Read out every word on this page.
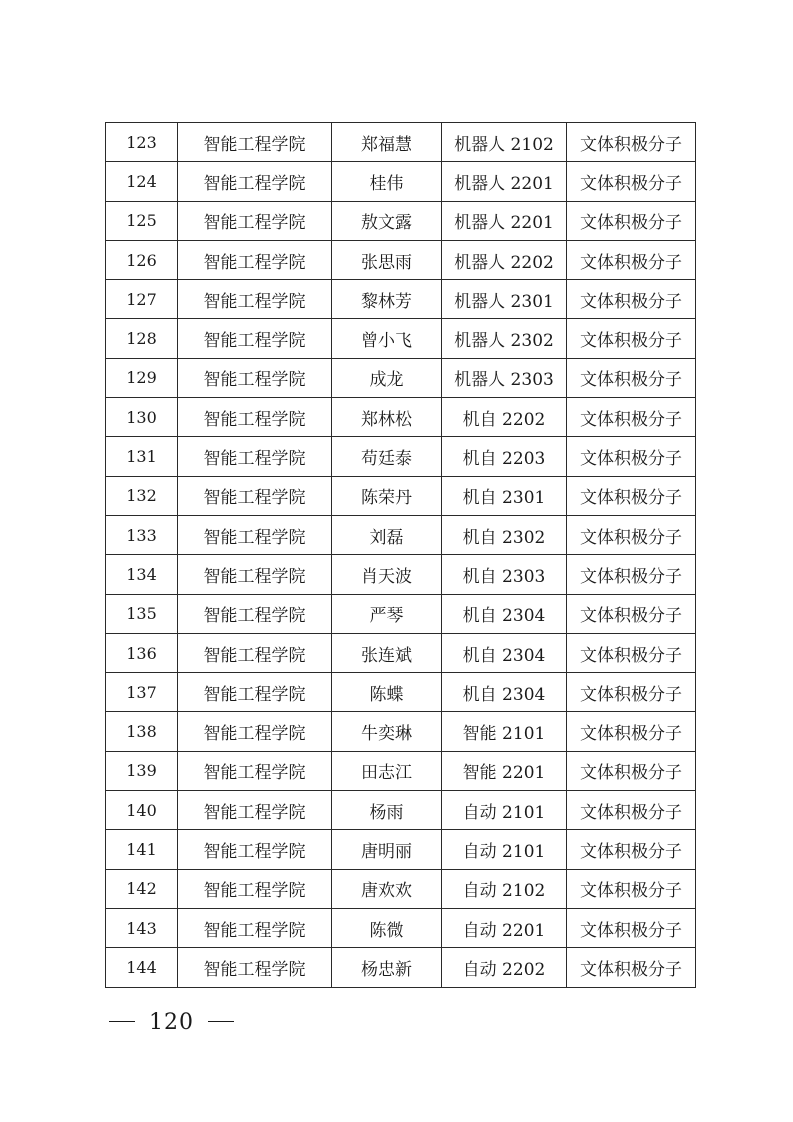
123	智能工程学院	郑福慧	机器人 2102	文体积极分子
124	智能工程学院	桂伟	机器人 2201	文体积极分子
125	智能工程学院	敖文露	机器人 2201	文体积极分子
126	智能工程学院	张思雨	机器人 2202	文体积极分子
127	智能工程学院	黎林芳	机器人 2301	文体积极分子
128	智能工程学院	曾小飞	机器人 2302	文体积极分子
129	智能工程学院	成龙	机器人 2303	文体积极分子
130	智能工程学院	郑林松	机自 2202	文体积极分子
131	智能工程学院	苟廷泰	机自 2203	文体积极分子
132	智能工程学院	陈荣丹	机自 2301	文体积极分子
133	智能工程学院	刘磊	机自 2302	文体积极分子
134	智能工程学院	肖天波	机自 2303	文体积极分子
135	智能工程学院	严琴	机自 2304	文体积极分子
136	智能工程学院	张连斌	机自 2304	文体积极分子
137	智能工程学院	陈蝶	机自 2304	文体积极分子
138	智能工程学院	牛奕琳	智能 2101	文体积极分子
139	智能工程学院	田志江	智能 2201	文体积极分子
140	智能工程学院	杨雨	自动 2101	文体积极分子
141	智能工程学院	唐明丽	自动 2101	文体积极分子
142	智能工程学院	唐欢欢	自动 2102	文体积极分子
143	智能工程学院	陈微	自动 2201	文体积极分子
144	智能工程学院	杨忠新	自动 2202	文体积极分子
120
